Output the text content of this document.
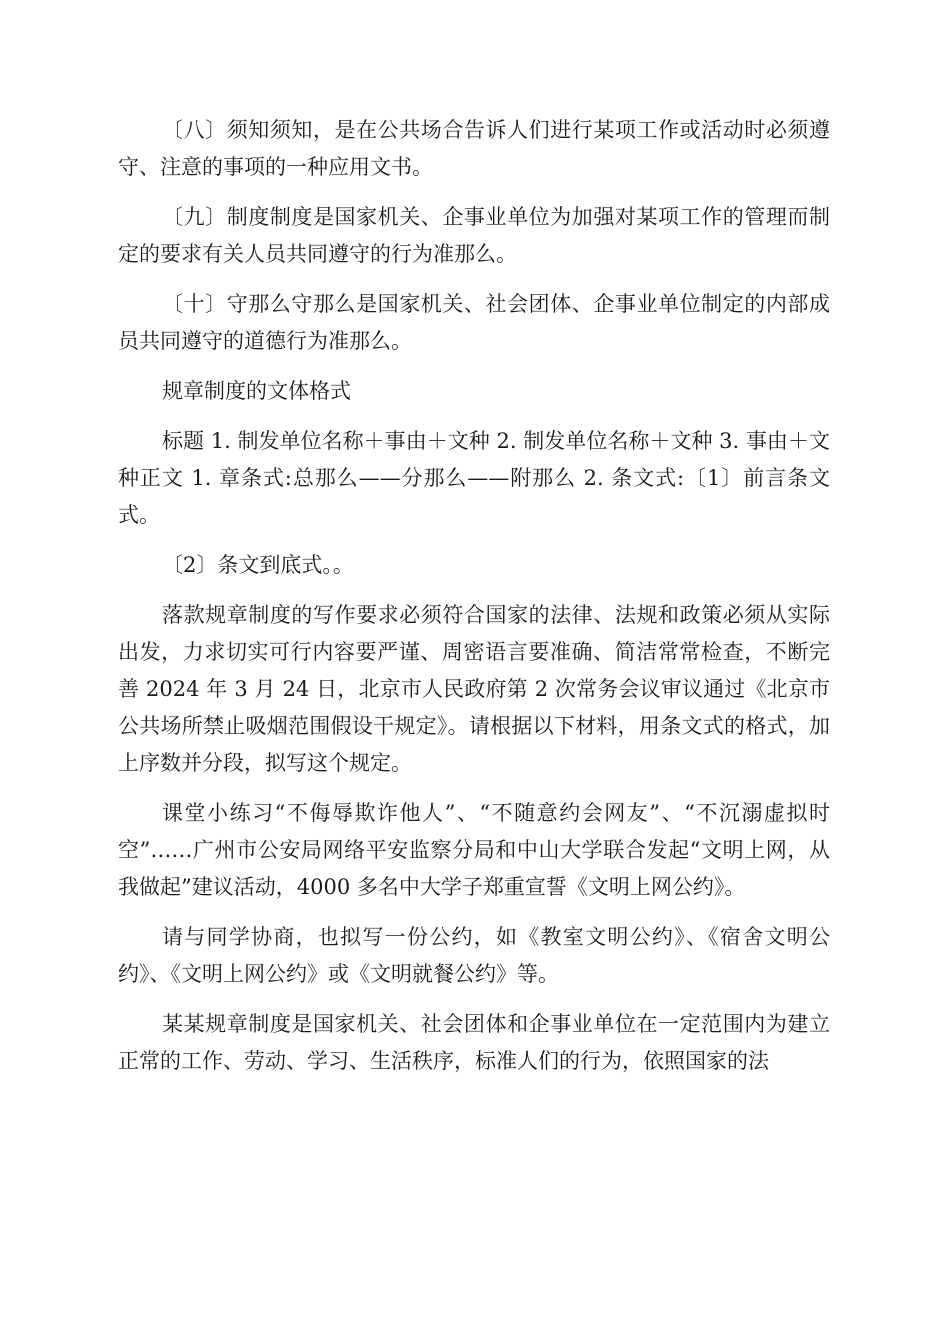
〔八〕须知须知，是在公共场合告诉人们进行某项工作或活动时必须遵守、注意的事项的一种应用文书。

〔九〕制度制度是国家机关、企事业单位为加强对某项工作的管理而制定的要求有关人员共同遵守的行为准那么。

〔十〕守那么守那么是国家机关、社会团体、企事业单位制定的内部成员共同遵守的道德行为准那么。

规章制度的文体格式

标题 1. 制发单位名称＋事由＋文种 2. 制发单位名称＋文种 3. 事由＋文种正文 1. 章条式:总那么——分那么——附那么 2. 条文式:〔1〕前言条文式。

〔2〕条文到底式。。

落款规章制度的写作要求必须符合国家的法律、法规和政策必须从实际出发，力求切实可行内容要严谨、周密语言要准确、简洁常常检查，不断完善 2024 年 3 月 24 日，北京市人民政府第 2 次常务会议审议通过《北京市公共场所禁止吸烟范围假设干规定》。请根据以下材料，用条文式的格式，加上序数并分段，拟写这个规定。

课堂小练习“不侮辱欺诈他人”、“不随意约会网友”、“不沉溺虚拟时空”……广州市公安局网络平安监察分局和中山大学联合发起“文明上网，从我做起”建议活动，4000 多名中大学子郑重宣誓《文明上网公约》。

请与同学协商，也拟写一份公约，如《教室文明公约》、《宿舍文明公约》、《文明上网公约》或《文明就餐公约》等。

某某规章制度是国家机关、社会团体和企事业单位在一定范围内为建立正常的工作、劳动、学习、生活秩序，标准人们的行为，依照国家的法
